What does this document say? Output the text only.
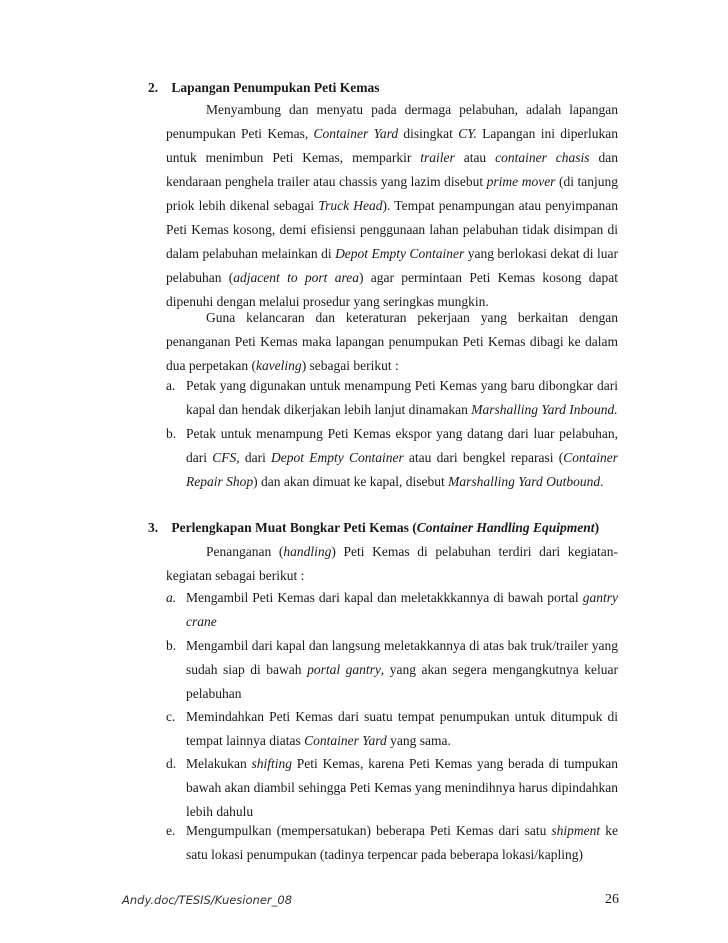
2. Lapangan Penumpukan Peti Kemas

Menyambung dan menyatu pada dermaga pelabuhan, adalah lapangan penumpukan Peti Kemas, Container Yard disingkat CY. Lapangan ini diperlukan untuk menimbun Peti Kemas, memparkir trailer atau container chasis dan kendaraan penghela trailer atau chassis yang lazim disebut prime mover (di tanjung priok lebih dikenal sebagai Truck Head). Tempat penampungan atau penyimpanan Peti Kemas kosong, demi efisiensi penggunaan lahan pelabuhan tidak disimpan di dalam pelabuhan melainkan di Depot Empty Container yang berlokasi dekat di luar pelabuhan (adjacent to port area) agar permintaan Peti Kemas kosong dapat dipenuhi dengan melalui prosedur yang seringkas mungkin.

Guna kelancaran dan keteraturan pekerjaan yang berkaitan dengan penanganan Peti Kemas maka lapangan penumpukan Peti Kemas dibagi ke dalam dua perpetakan (kaveling) sebagai berikut :

a. Petak yang digunakan untuk menampung Peti Kemas yang baru dibongkar dari kapal dan hendak dikerjakan lebih lanjut dinamakan Marshalling Yard Inbound.
b. Petak untuk menampung Peti Kemas ekspor yang datang dari luar pelabuhan, dari CFS, dari Depot Empty Container atau dari bengkel reparasi (Container Repair Shop) dan akan dimuat ke kapal, disebut Marshalling Yard Outbound.
3. Perlengkapan Muat Bongkar Peti Kemas (Container Handling Equipment)

Penanganan (handling) Peti Kemas di pelabuhan terdiri dari kegiatan-kegiatan sebagai berikut :

a. Mengambil Peti Kemas dari kapal dan meletakkkannya di bawah portal gantry crane
b. Mengambil dari kapal dan langsung meletakkannya di atas bak truk/trailer yang sudah siap di bawah portal gantry, yang akan segera mengangkutnya keluar pelabuhan
c. Memindahkan Peti Kemas dari suatu tempat penumpukan untuk ditumpuk di tempat lainnya diatas Container Yard yang sama.
d. Melakukan shifting Peti Kemas, karena Peti Kemas yang berada di tumpukan bawah akan diambil sehingga Peti Kemas yang menindihnya harus dipindahkan lebih dahulu
e. Mengumpulkan (mempersatukan) beberapa Peti Kemas dari satu shipment ke satu lokasi penumpukan (tadinya terpencar pada beberapa lokasi/kapling)
Andy.doc/TESIS/Kuesioner_08	26
